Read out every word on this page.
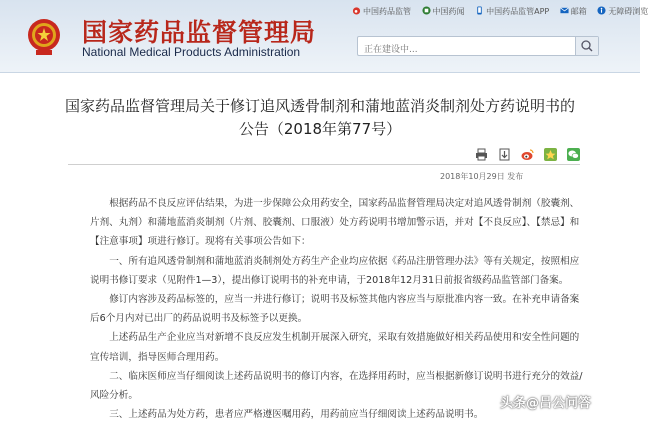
国家药品监督管理局
National Medical Products Administration
中国药品监管	中国药闻	中国药品监管APP	邮箱	无障碍浏览
正在建设中...
国家药品监督管理局关于修订追风透骨制剂和蒲地蓝消炎制剂处方药说明书的
公告（2018年第77号）

2018年10月29日 发布

根据药品不良反应评估结果，为进一步保障公众用药安全，国家药品监督管理局决定对追风透骨制剂（胶囊剂、片剂、丸剂）和蒲地蓝消炎制剂（片剂、胶囊剂、口服液）处方药说明书增加警示语，并对【不良反应】、【禁忌】和【注意事项】项进行修订。现将有关事项公告如下：

一、所有追风透骨制剂和蒲地蓝消炎制剂处方药生产企业均应依据《药品注册管理办法》等有关规定，按照相应说明书修订要求（见附件1—3），提出修订说明书的补充申请，于2018年12月31日前报省级药品监管部门备案。

修订内容涉及药品标签的，应当一并进行修订；说明书及标签其他内容应当与原批准内容一致。在补充申请备案后6个月内对已出厂的药品说明书及标签予以更换。

上述药品生产企业应当对新增不良反应发生机制开展深入研究，采取有效措施做好相关药品使用和安全性问题的宣传培训，指导医师合理用药。

二、临床医师应当仔细阅读上述药品说明书的修订内容，在选择用药时，应当根据新修订说明书进行充分的效益/风险分析。

三、上述药品为处方药，患者应严格遵医嘱用药，用药前应当仔细阅读上述药品说明书。

头条@吕公问答
